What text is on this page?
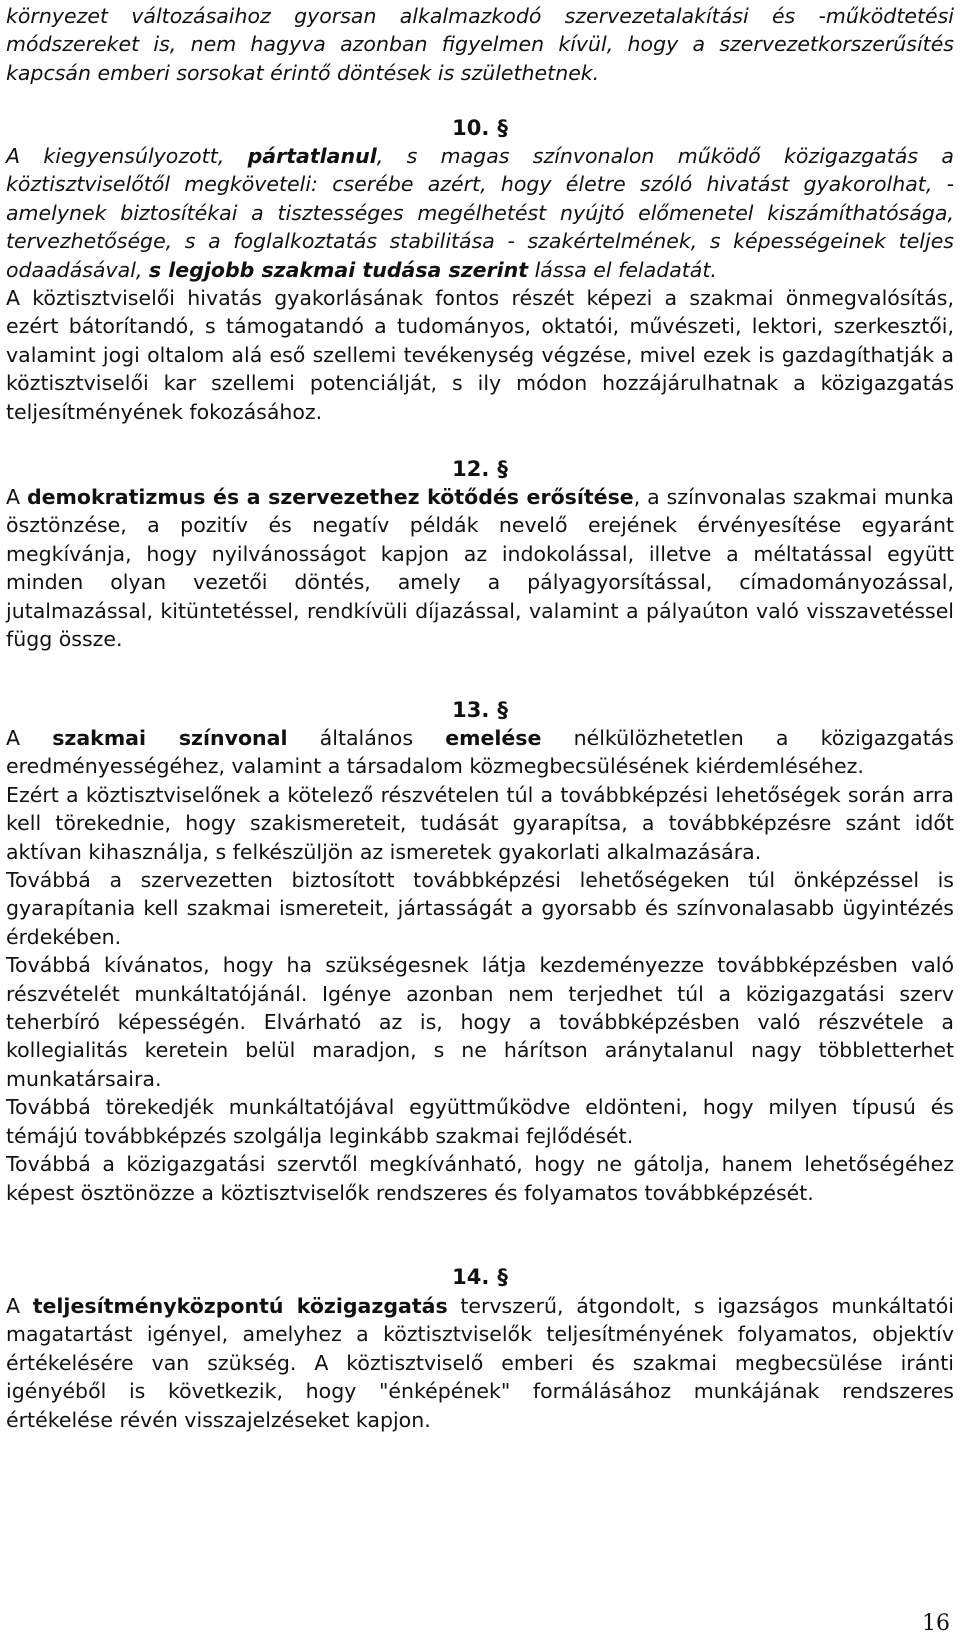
környezet változásaihoz gyorsan alkalmazkodó szervezetalakítási és -működtetési módszereket is, nem hagyva azonban figyelmen kívül, hogy a szervezetkorszerűsítés kapcsán emberi sorsokat érintő döntések is születhetnek.

10. §

A kiegyensúlyozott, pártatlanul, s magas színvonalon működő közigazgatás a köztisztviselőtől megköveteli: cserébe azért, hogy életre szóló hivatást gyakorolhat, -amelynek biztosítékai a tisztességes megélhetést nyújtó előmenetel kiszámíthatósága, tervezhetősége, s a foglalkoztatás stabilitása - szakértelmének, s képességeinek teljes odaadásával, s legjobb szakmai tudása szerint lássa el feladatát.

A köztisztviselői hivatás gyakorlásának fontos részét képezi a szakmai önmegvalósítás, ezért bátorítandó, s támogatandó a tudományos, oktatói, művészeti, lektori, szerkesztői, valamint jogi oltalom alá eső szellemi tevékenység végzése, mivel ezek is gazdagíthatják a köztisztviselői kar szellemi potenciálját, s ily módon hozzájárulhatnak a közigazgatás teljesítményének fokozásához.

12. §

A demokratizmus és a szervezethez kötődés erősítése, a színvonalas szakmai munka ösztönzése, a pozitív és negatív példák nevelő erejének érvényesítése egyaránt megkívánja, hogy nyilvánosságot kapjon az indokolással, illetve a méltatással együtt minden olyan vezetői döntés, amely a pályagyorsítással, címadományozással, jutalmazással, kitüntetéssel, rendkívüli díjazással, valamint a pályaúton való visszavetéssel függ össze.

13. §

A szakmai színvonal általános emelése nélkülözhetetlen a közigazgatás eredményességéhez, valamint a társadalom közmegbecsülésének kiérdemléséhez.

Ezért a köztisztviselőnek a kötelező részvételen túl a továbbképzési lehetőségek során arra kell törekednie, hogy szakismereteit, tudását gyarapítsa, a továbbképzésre szánt időt aktívan kihasználja, s felkészüljön az ismeretek gyakorlati alkalmazására.

Továbbá a szervezetten biztosított továbbképzési lehetőségeken túl önképzéssel is gyarapítania kell szakmai ismereteit, jártasságát a gyorsabb és színvonalasabb ügyintézés érdekében.

Továbbá kívánatos, hogy ha szükségesnek látja kezdeményezze továbbképzésben való részvételét munkáltatójánál. Igénye azonban nem terjedhet túl a közigazgatási szerv teherbíró képességén. Elvárható az is, hogy a továbbképzésben való részvétele a kollegialitás keretein belül maradjon, s ne hárítson aránytalanul nagy többletterhet munkatársaira.

Továbbá törekedjék munkáltatójával együttműködve eldönteni, hogy milyen típusú és témájú továbbképzés szolgálja leginkább szakmai fejlődését.

Továbbá a közigazgatási szervtől megkívánható, hogy ne gátolja, hanem lehetőségéhez képest ösztönözze a köztisztviselők rendszeres és folyamatos továbbképzését.

14. §

A teljesítményközpontú közigazgatás tervszerű, átgondolt, s igazságos munkáltatói magatartást igényel, amelyhez a köztisztviselők teljesítményének folyamatos, objektív értékelésére van szükség. A köztisztviselő emberi és szakmai megbecsülése iránti igényéből is következik, hogy "énképének" formálásához munkájának rendszeres értékelése révén visszajelzéseket kapjon.

16
